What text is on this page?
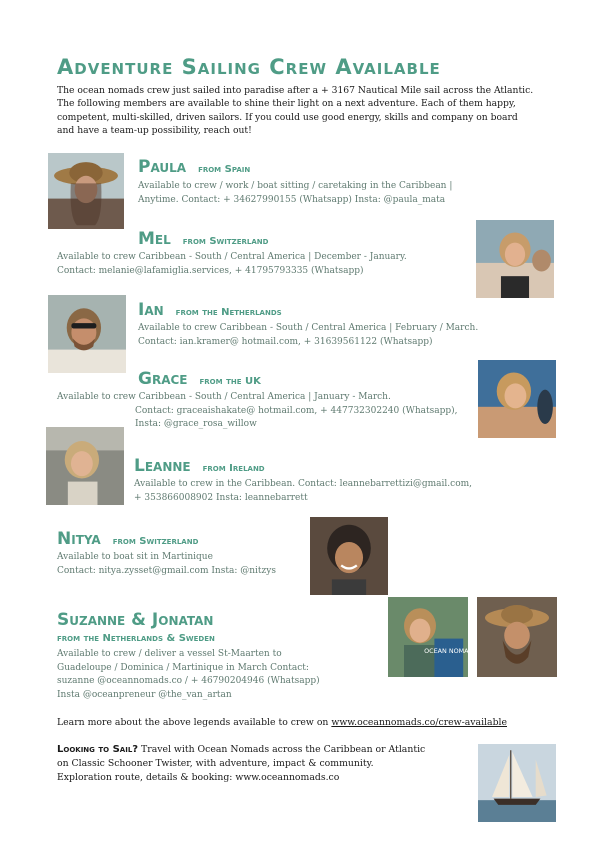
Adventure Sailing Crew Available
The ocean nomads crew just sailed into paradise after a + 3167 Nautical Mile sail across the Atlantic. The following members are available to shine their light on a next adventure. Each of them happy, competent, multi-skilled, driven sailors. If you could use good energy, skills and company on board and have a team-up possibility, reach out!
Paula from Spain
Available to crew / work / boat sitting / caretaking in the Caribbean |
Anytime. Contact: + 34627990155 (Whatsapp) Insta: @paula_mata
Mel from Switzerland
Available to crew Caribbean - South / Central America | December - January.
Contact: melanie@lafamiglia.services, + 41795793335 (Whatsapp)
Ian from the Netherlands
Available to crew Caribbean - South / Central America | February / March.
Contact: ian.kramer@ hotmail.com, + 31639561122 (Whatsapp)
Grace from the UK
Available to crew Caribbean - South / Central America | January - March.
Contact: graceaishakate@ hotmail.com, + 447732302240 (Whatsapp),
Insta: @grace_rosa_willow
Leanne from Ireland
Available to crew in the Caribbean. Contact: leannebarrettizi@gmail.com,
+ 353866008902 Insta: leannebarrett
Nitya from Switzerland
Available to boat sit in Martinique
Contact: nitya.zysset@gmail.com Insta: @nitzys
Suzanne & Jonatan
from the Netherlands & Sweden
Available to crew / deliver a vessel St-Maarten to
Guadeloupe / Dominica / Martinique in March Contact:
suzanne @oceannomads.co / + 46790204946 (Whatsapp)
Insta @oceanpreneur @the_van_artan
OCEAN NOMAD
Learn more about the above legends available to crew on www.oceannomads.co/crew-available
Looking to Sail? Travel with Ocean Nomads across the Caribbean or Atlantic
on Classic Schooner Twister, with adventure, impact & community.
Exploration route, details & booking: www.oceannomads.co
